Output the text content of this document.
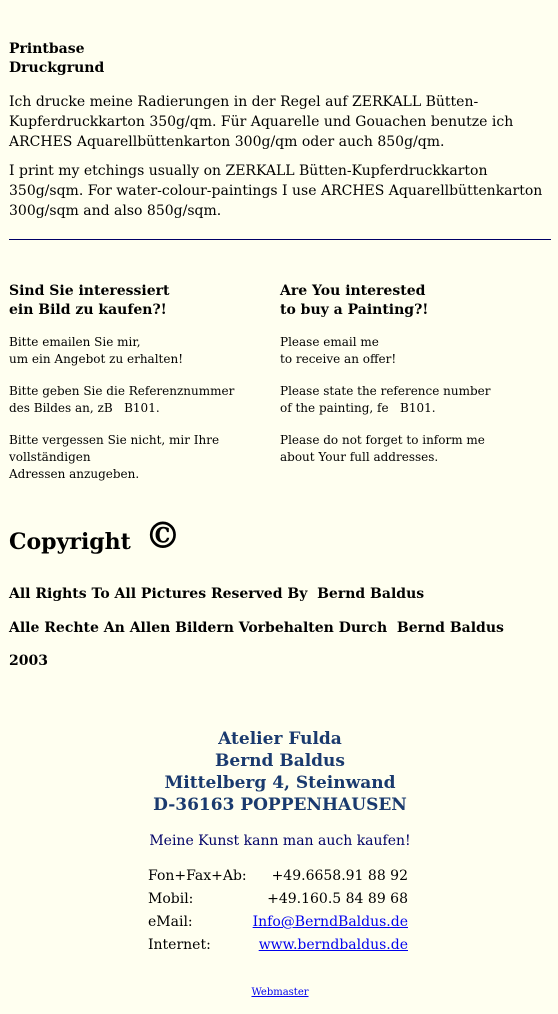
Printbase
Druckgrund
Ich drucke meine Radierungen in der Regel auf ZERKALL Bütten-Kupferdruckkarton 350g/qm. Für Aquarelle und Gouachen benutze ich ARCHES Aquarellbüttenkarton 300g/qm oder auch 850g/qm.
I print my etchings usually on ZERKALL Bütten-Kupferdruckkarton 350g/sqm. For water-colour-paintings I use ARCHES Aquarellbüttenkarton 300g/sqm and also 850g/sqm.
Sind Sie interessiert
ein Bild zu kaufen?!
Bitte emailen Sie mir,
um ein Angebot zu erhalten!
Bitte geben Sie die Referenznummer
des Bildes an, zB   B101.
Bitte vergessen Sie nicht, mir Ihre vollständigen
Adressen anzugeben.
Are You interested
to buy a Painting?!
Please email me
to receive an offer!
Please state the reference number
of the painting, fe   B101.
Please do not forget to inform me
about Your full addresses.
Copyright ©
All Rights To All Pictures Reserved By  Bernd Baldus
Alle Rechte An Allen Bildern Vorbehalten Durch  Bernd Baldus
2003
Atelier Fulda
Bernd Baldus
Mittelberg 4, Steinwand
D-36163 POPPENHAUSEN
Meine Kunst kann man auch kaufen!
Fon+Fax+Ab: +49.6658.91 88 92
Mobil:	+49.160.5 84 89 68
eMail:	Info@BerndBaldus.de
Internet:	www.berndbaldus.de
Webmaster
